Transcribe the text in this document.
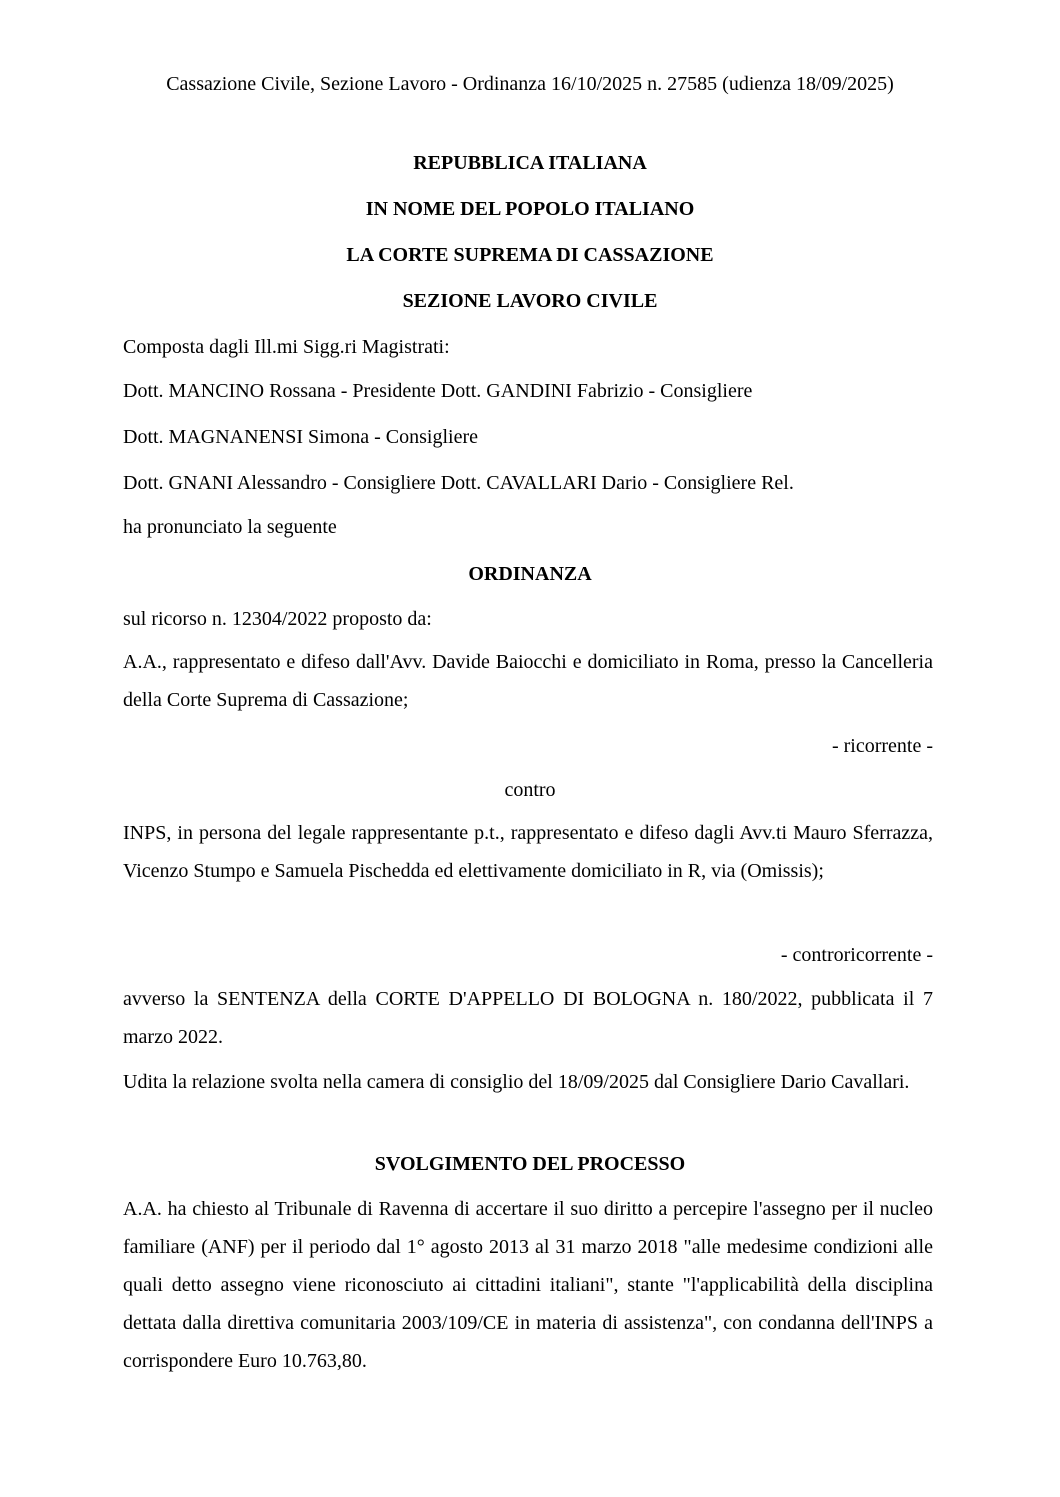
Cassazione Civile, Sezione Lavoro - Ordinanza 16/10/2025 n. 27585 (udienza 18/09/2025)
REPUBBLICA ITALIANA
IN NOME DEL POPOLO ITALIANO
LA CORTE SUPREMA DI CASSAZIONE
SEZIONE LAVORO CIVILE
Composta dagli Ill.mi Sigg.ri Magistrati:
Dott. MANCINO Rossana - Presidente Dott. GANDINI Fabrizio - Consigliere
Dott. MAGNANENSI Simona - Consigliere
Dott. GNANI Alessandro - Consigliere Dott. CAVALLARI Dario - Consigliere Rel.
ha pronunciato la seguente
ORDINANZA
sul ricorso n. 12304/2022 proposto da:
A.A., rappresentato e difeso dall'Avv. Davide Baiocchi e domiciliato in Roma, presso la Cancelleria della Corte Suprema di Cassazione;
- ricorrente -
contro
INPS, in persona del legale rappresentante p.t., rappresentato e difeso dagli Avv.ti Mauro Sferrazza, Vicenzo Stumpo e Samuela Pischedda ed elettivamente domiciliato in R, via (Omissis);
- controricorrente -
avverso la SENTENZA della CORTE D'APPELLO DI BOLOGNA n. 180/2022, pubblicata il 7 marzo 2022.
Udita la relazione svolta nella camera di consiglio del 18/09/2025 dal Consigliere Dario Cavallari.
SVOLGIMENTO DEL PROCESSO
A.A. ha chiesto al Tribunale di Ravenna di accertare il suo diritto a percepire l'assegno per il nucleo familiare (ANF) per il periodo dal 1° agosto 2013 al 31 marzo 2018 "alle medesime condizioni alle quali detto assegno viene riconosciuto ai cittadini italiani", stante "l'applicabilità della disciplina dettata dalla direttiva comunitaria 2003/109/CE in materia di assistenza", con condanna dell'INPS a corrispondere Euro 10.763,80.
